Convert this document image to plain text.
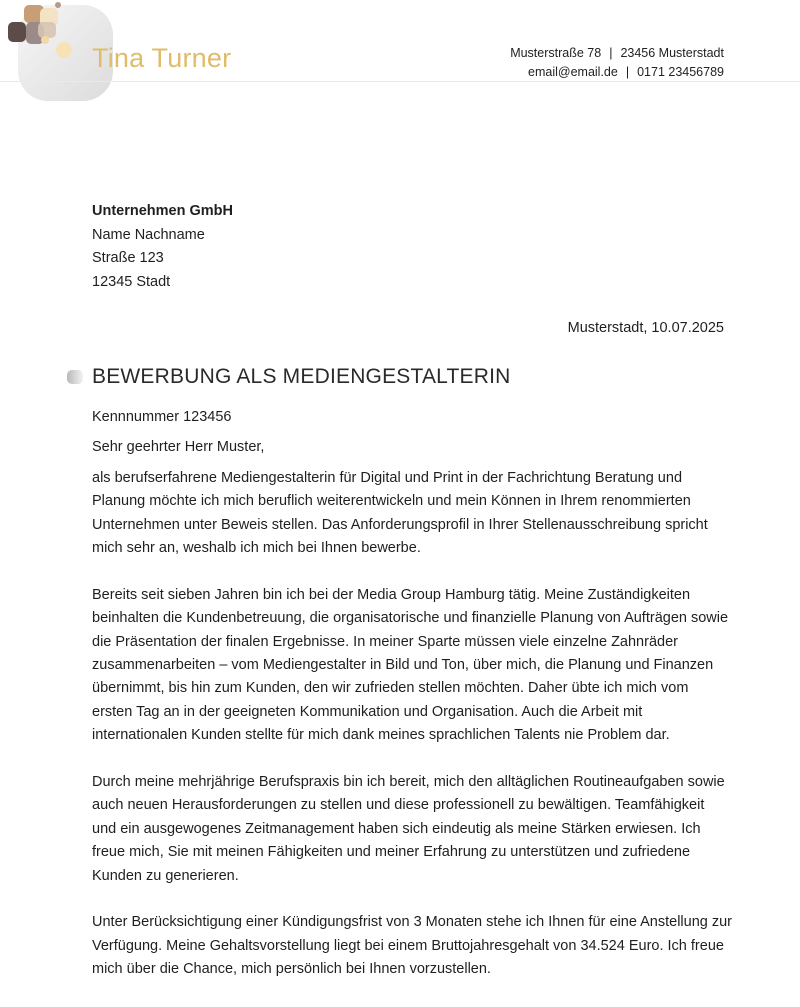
Tina Turner	Musterstraße 78 | 23456 Musterstadt
email@email.de | 0171 23456789
Unternehmen GmbH
Name Nachname
Straße 123
12345 Stadt
Musterstadt, 10.07.2025
BEWERBUNG ALS MEDIENGESTALTERIN

Kennnummer 123456

Sehr geehrter Herr Muster,

als berufserfahrene Mediengestalterin für Digital und Print in der Fachrichtung Beratung und Planung möchte ich mich beruflich weiterentwickeln und mein Können in Ihrem renommierten Unternehmen unter Beweis stellen. Das Anforderungsprofil in Ihrer Stellenausschreibung spricht mich sehr an, weshalb ich mich bei Ihnen bewerbe.

Bereits seit sieben Jahren bin ich bei der Media Group Hamburg tätig. Meine Zuständigkeiten beinhalten die Kundenbetreuung, die organisatorische und finanzielle Planung von Aufträgen sowie die Präsentation der finalen Ergebnisse. In meiner Sparte müssen viele einzelne Zahnräder zusammenarbeiten – vom Mediengestalter in Bild und Ton, über mich, die Planung und Finanzen übernimmt, bis hin zum Kunden, den wir zufrieden stellen möchten. Daher übte ich mich vom ersten Tag an in der geeigneten Kommunikation und Organisation. Auch die Arbeit mit internationalen Kunden stellte für mich dank meines sprachlichen Talents nie Problem dar.

Durch meine mehrjährige Berufspraxis bin ich bereit, mich den alltäglichen Routineaufgaben sowie auch neuen Herausforderungen zu stellen und diese professionell zu bewältigen. Teamfähigkeit und ein ausgewogenes Zeitmanagement haben sich eindeutig als meine Stärken erwiesen. Ich freue mich, Sie mit meinen Fähigkeiten und meiner Erfahrung zu unterstützen und zufriedene Kunden zu generieren.

Unter Berücksichtigung einer Kündigungsfrist von 3 Monaten stehe ich Ihnen für eine Anstellung zur Verfügung. Meine Gehaltsvorstellung liegt bei einem Bruttojahresgehalt von 34.524 Euro. Ich freue mich über die Chance, mich persönlich bei Ihnen vorzustellen.
